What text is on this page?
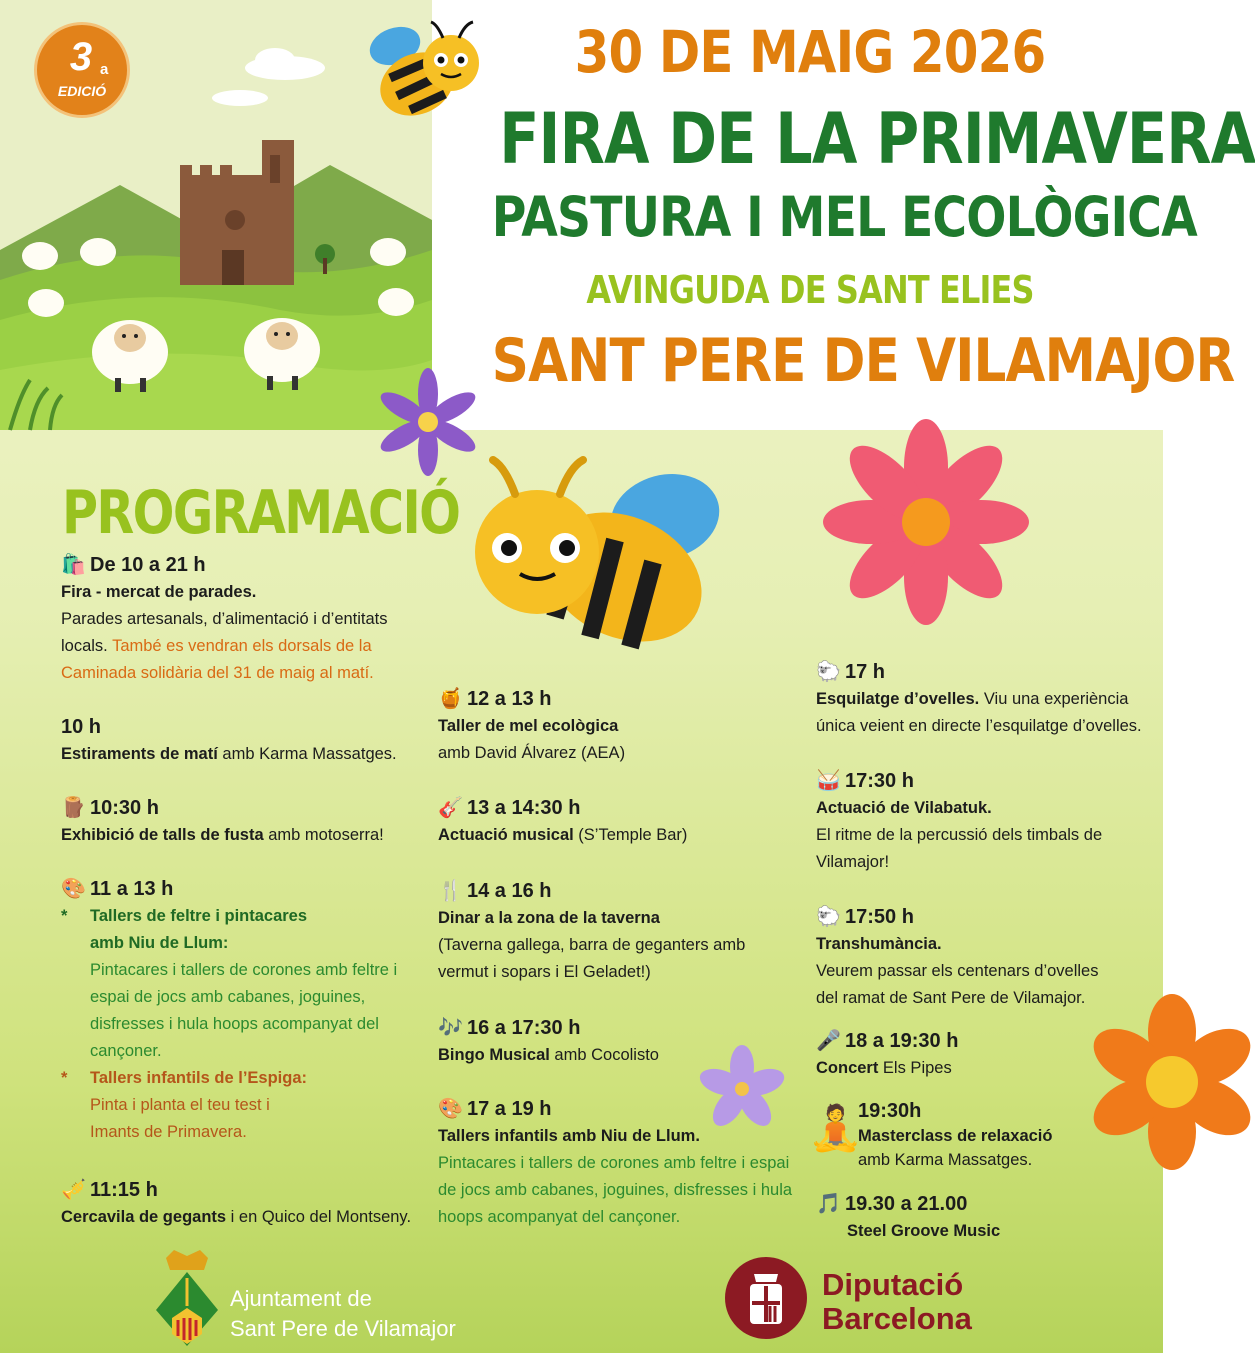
3 a
EDICIÓ
30 DE MAIG 2026
FIRA DE LA PRIMAVERA
PASTURA I MEL ECOLÒGICA
AVINGUDA DE SANT ELIES
SANT PERE DE VILAMAJOR
PROGRAMACIÓ
🛍️ De 10 a 21 h
Fira - mercat de parades.
Parades artesanals, d’alimentació i d’entitats
locals. També es vendran els dorsals de la
Caminada solidària del 31 de maig al matí.
10 h
Estiraments de matí amb Karma Massatges.
🪵 10:30 h
Exhibició de talls de fusta amb motoserra!
🎨 11 a 13 h
* Tallers de feltre i pintacares
amb Niu de Llum:
Pintacares i tallers de corones amb feltre i
espai de jocs amb cabanes, joguines,
disfresses i hula hoops acompanyat del
cançoner.
* Tallers infantils de l’Espiga:
Pinta i planta el teu test i
Imants de Primavera.
🎺 11:15 h
Cercavila de gegants i en Quico del Montseny.
🍯 12 a 13 h
Taller de mel ecològica
amb David Álvarez (AEA)
🎸 13 a 14:30 h
Actuació musical (S’Temple Bar)
🍴 14 a 16 h
Dinar a la zona de la taverna
(Taverna gallega, barra de geganters amb
vermut i sopars i El Geladet!)
🎶 16 a 17:30 h
Bingo Musical amb Cocolisto
🎨 17 a 19 h
Tallers infantils amb Niu de Llum.
Pintacares i tallers de corones amb feltre i espai
de jocs amb cabanes, joguines, disfresses i hula
hoops acompanyat del cançoner.
🐑 17 h
Esquilatge d’ovelles. Viu una experiència
única veient en directe l’esquilatge d’ovelles.
🥁 17:30 h
Actuació de Vilabatuk.
El ritme de la percussió dels timbals de
Vilamajor!
🐑 17:50 h
Transhumància.
Veurem passar els centenars d’ovelles
del ramat de Sant Pere de Vilamajor.
🎤 18 a 19:30 h
Concert Els Pipes
🧘
19:30h
Masterclass de relaxació
amb Karma Massatges.
🎵 19.30 a 21.00
Steel Groove Music
Ajuntament de
Sant Pere de Vilamajor
Diputació
Barcelona
